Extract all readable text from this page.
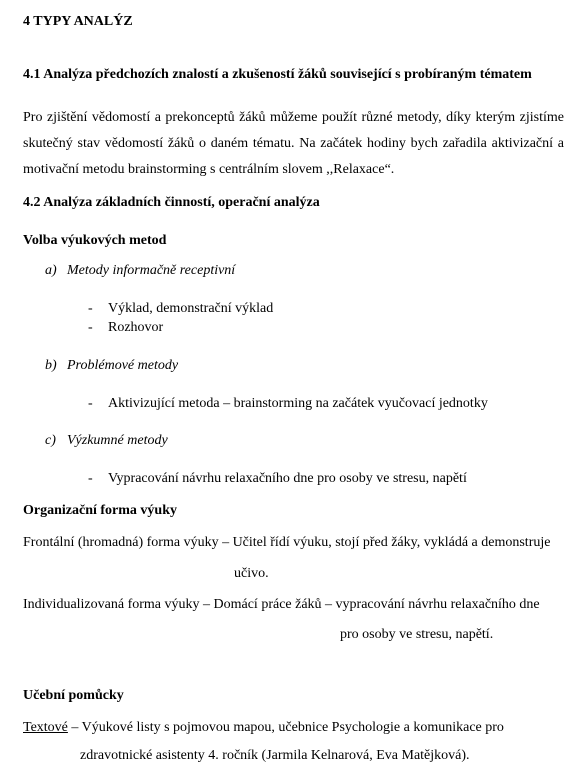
4 TYPY ANALÝZ
4.1 Analýza předchozích znalostí a zkušeností žáků související s probíraným tématem
Pro zjištění vědomostí a prekonceptů žáků můžeme použít různé metody, díky kterým zjistíme skutečný stav vědomostí žáků o daném tématu. Na začátek hodiny bych zařadila aktivizační a motivační metodu brainstorming s centrálním slovem ,,Relaxace“.
4.2 Analýza základních činností, operační analýza
Volba výukových metod
a) Metody informačně receptivní
- Výklad, demonstrační výklad
- Rozhovor
b) Problémové metody
- Aktivizující metoda – brainstorming na začátek vyučovací jednotky
c) Výzkumné metody
- Vypracování návrhu relaxačního dne pro osoby ve stresu, napětí
Organizační forma výuky
Frontální (hromadná) forma výuky – Učitel řídí výuku, stojí před žáky, vykládá a demonstruje
učivo.
Individualizovaná forma výuky – Domácí práce žáků – vypracování návrhu relaxačního dne
pro osoby ve stresu, napětí.
Učební pomůcky
Textové – Výukové listy s pojmovou mapou, učebnice Psychologie a komunikace pro
zdravotnické asistenty 4. ročník (Jarmila Kelnarová, Eva Matějková).
